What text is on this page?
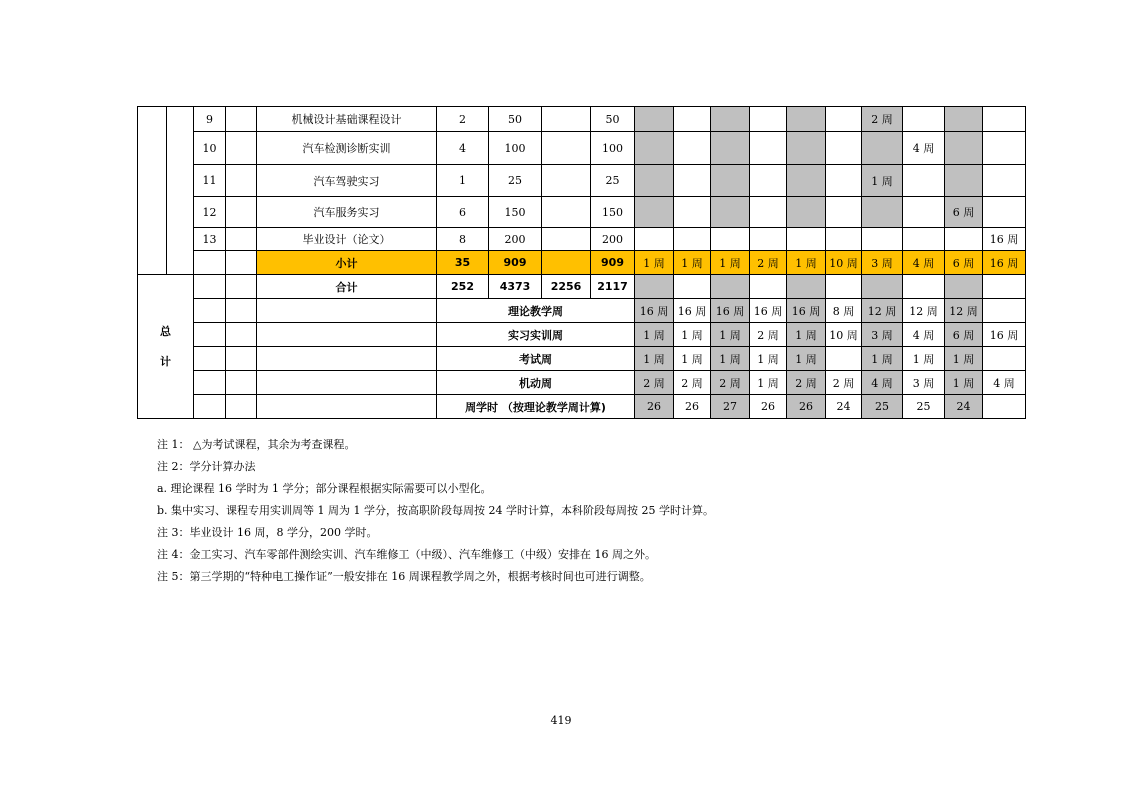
		9		机械设计基础课程设计	2	50		50							2 周			
		10		汽车检测诊断实训	4	100		100								4 周		
		11		汽车驾驶实习	1	25		25							1 周			
		12		汽车服务实习	6	150		150									6 周	
		13		毕业设计（论文）	8	200		200										16 周
				小计	35	909		909	1 周	1 周	1 周	2 周	1 周	10 周	3 周	4 周	6 周	16 周
总
计				合计	252	4373	2256	2117										
					理论教学周				16 周	16 周	16 周	16 周	16 周	8 周	12 周	12 周	12 周	
					实习实训周				1 周	1 周	1 周	2 周	1 周	10 周	3 周	4 周	6 周	16 周
					考试周				1 周	1 周	1 周	1 周	1 周		1 周	1 周	1 周	
					机动周				2 周	2 周	2 周	1 周	2 周	2 周	4 周	3 周	1 周	4 周
					周学时 （按理论教学周计算)				26	26	27	26	26	24	25	25	24	
注 1： △为考试课程，其余为考查课程。
注 2：学分计算办法
a. 理论课程 16 学时为 1 学分；部分课程根据实际需要可以小型化。
b. 集中实习、课程专用实训周等 1 周为 1 学分，按高职阶段每周按 24 学时计算，本科阶段每周按 25 学时计算。
注 3：毕业设计 16 周，8 学分，200 学时。
注 4：金工实习、汽车零部件测绘实训、汽车维修工（中级）、汽车维修工（中级）安排在 16 周之外。
注 5：第三学期的“特种电工操作证”一般安排在 16 周课程教学周之外，根据考核时间也可进行调整。
419
